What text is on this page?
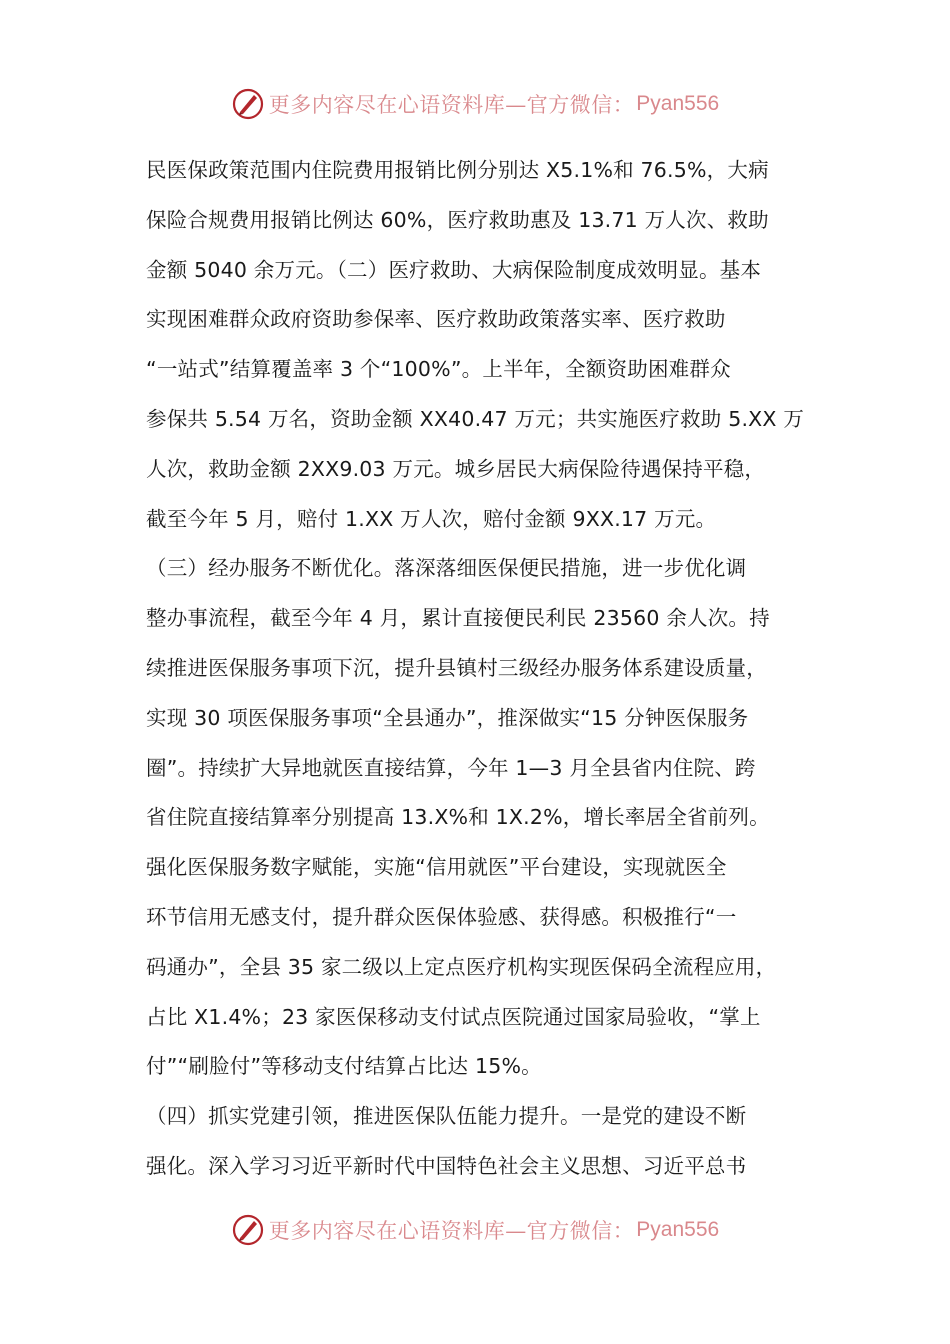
更多内容尽在心语资料库—官方微信： Pyan556
民医保政策范围内住院费用报销比例分别达 X5.1%和 76.5%，大病
保险合规费用报销比例达 60%，医疗救助惠及 13.71 万人次、救助
金额 5040 余万元。（二）医疗救助、大病保险制度成效明显。基本
实现困难群众政府资助参保率、医疗救助政策落实率、医疗救助
“一站式”结算覆盖率 3 个“100%”。上半年，全额资助困难群众
参保共 5.54 万名，资助金额 XX40.47 万元；共实施医疗救助 5.XX 万
人次，救助金额 2XX9.03 万元。城乡居民大病保险待遇保持平稳，
截至今年 5 月，赔付 1.XX 万人次，赔付金额 9XX.17 万元。
（三）经办服务不断优化。落深落细医保便民措施，进一步优化调
整办事流程，截至今年 4 月，累计直接便民利民 23560 余人次。持
续推进医保服务事项下沉，提升县镇村三级经办服务体系建设质量，
实现 30 项医保服务事项“全县通办”，推深做实“15 分钟医保服务
圈”。持续扩大异地就医直接结算，今年 1—3 月全县省内住院、跨
省住院直接结算率分别提高 13.X%和 1X.2%，增长率居全省前列。
强化医保服务数字赋能，实施“信用就医”平台建设，实现就医全
环节信用无感支付，提升群众医保体验感、获得感。积极推行“一
码通办”，全县 35 家二级以上定点医疗机构实现医保码全流程应用，
占比 X1.4%；23 家医保移动支付试点医院通过国家局验收，“掌上
付”“刷脸付”等移动支付结算占比达 15%。
（四）抓实党建引领，推进医保队伍能力提升。一是党的建设不断
强化。深入学习习近平新时代中国特色社会主义思想、习近平总书
更多内容尽在心语资料库—官方微信： Pyan556
